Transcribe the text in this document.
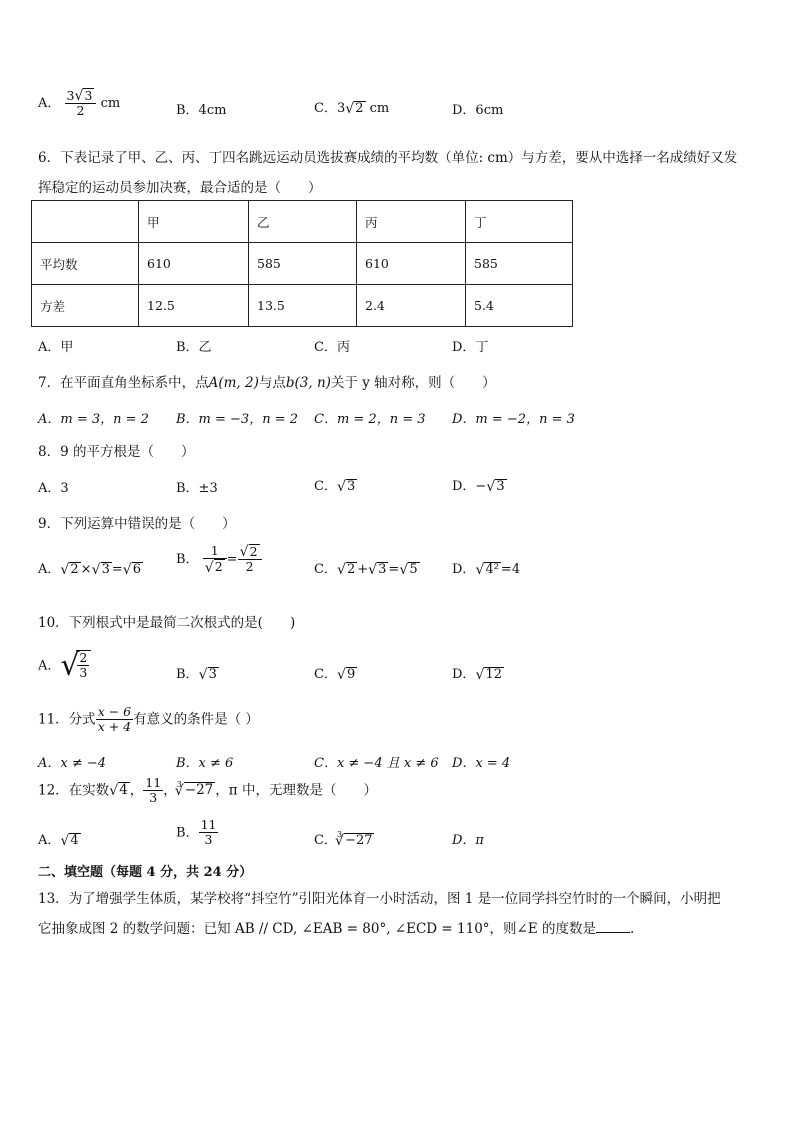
A． $\frac{3 √ 3}{2}$ cm	B．4cm	C．3 √ 2 cm	D．6cm
6．下表记录了甲、乙、丙、丁四名跳远运动员选拔赛成绩的平均数（单位: cm）与方差，要从中选择一名成绩好又发
挥稳定的运动员参加决赛，最合适的是（　　）
	甲	乙	丙	丁
平均数	610	585	610	585
方差	12.5	13.5	2.4	5.4
A．甲	B．乙	C．丙	D．丁
7．在平面直角坐标系中，点A(m, 2)与点b(3, n)关于 y 轴对称，则（　　）
A．m = 3，n = 2 B．m = −3，n = 2 C．m = 2，n = 3 D．m = −2，n = 3
8．9 的平方根是（　　）
A．3	B．±3	C． √ 3	D．− √ 3
9．下列运算中错误的是（　　）
A． √ 2 × √ 3 = √ 6
B． 1
√ 2 = √ $\frac{2}{2}$	C． √ 2 + √ 3 = √ 5	D． √ 4² =4
10．下列根式中是最简二次根式的是(　　)
A． √ $\frac{2}{3}$	B． √ 3	C． √ 9	D． √ 12
11．分式 $\frac{x - 6}{x + 4}$ 有意义的条件是（ ）
A．x ≠ −4	B．x ≠ 6	C．x ≠ −4 且 x ≠ 6 D．x = 4
12．在实数 √ 4 ， $\frac{11}{3}$ ，$^3$ √ −27 ，π 中，无理数是（　　）
A． √ 4
B． $\frac{11}{3}$	C．$^3$ √ −27	D．π
二、填空题（每题 4 分，共 24 分）
13．为了增强学生体质，某学校将“抖空竹”引阳光体育一小时活动，图 1 是一位同学抖空竹时的一个瞬间，小明把
它抽象成图 2 的数学问题：已知 AB // CD, ∠EAB = 80°, ∠ECD = 110°，则∠E 的度数是	.
